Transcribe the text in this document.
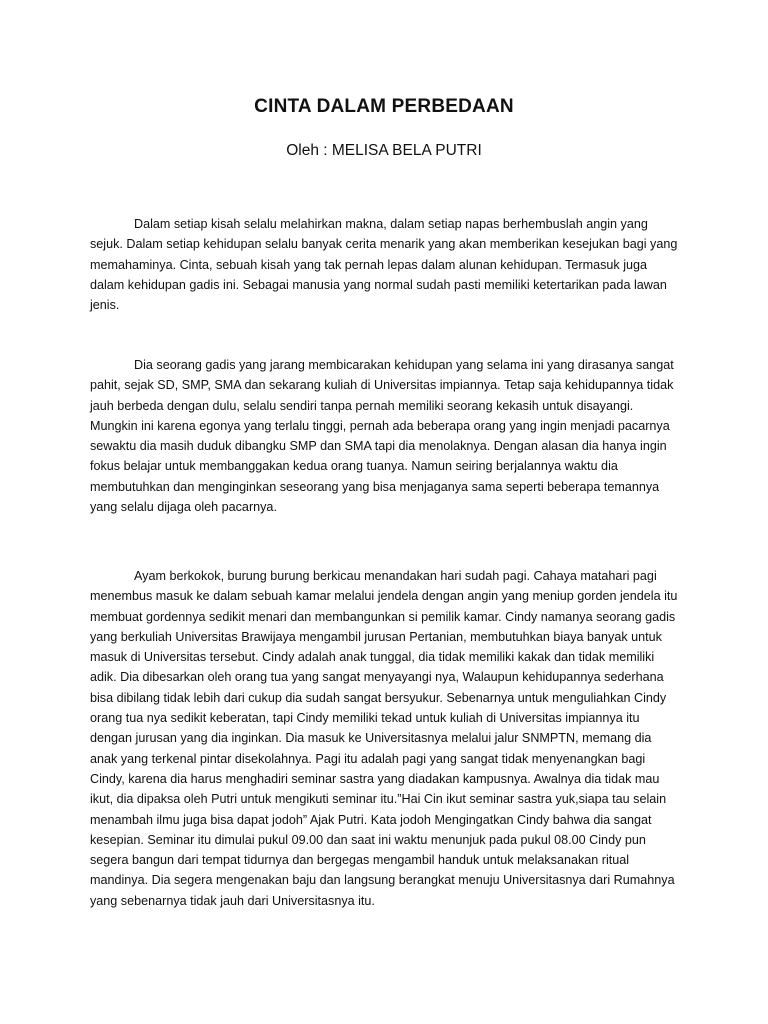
CINTA DALAM PERBEDAAN
Oleh : MELISA BELA PUTRI

Dalam setiap kisah selalu melahirkan makna, dalam setiap napas berhembuslah angin yang sejuk. Dalam setiap kehidupan selalu banyak cerita menarik yang akan memberikan kesejukan bagi yang memahaminya. Cinta, sebuah kisah yang tak pernah lepas dalam alunan kehidupan. Termasuk juga dalam kehidupan gadis ini. Sebagai manusia yang normal sudah pasti memiliki ketertarikan pada lawan jenis.

Dia seorang gadis yang jarang membicarakan kehidupan yang selama ini yang dirasanya sangat pahit, sejak SD, SMP, SMA dan sekarang kuliah di Universitas impiannya. Tetap saja kehidupannya tidak jauh berbeda dengan dulu, selalu sendiri tanpa pernah memiliki seorang kekasih untuk disayangi. Mungkin ini karena egonya yang terlalu tinggi, pernah ada beberapa orang yang ingin menjadi pacarnya sewaktu dia masih duduk dibangku SMP dan SMA tapi dia menolaknya. Dengan alasan dia hanya ingin fokus belajar untuk membanggakan kedua orang tuanya. Namun seiring berjalannya waktu dia membutuhkan dan menginginkan seseorang yang bisa menjaganya sama seperti beberapa temannya yang selalu dijaga oleh pacarnya.

Ayam berkokok, burung burung berkicau menandakan hari sudah pagi. Cahaya matahari pagi menembus masuk ke dalam sebuah kamar melalui jendela dengan angin yang meniup gorden jendela itu membuat gordennya sedikit menari dan membangunkan si pemilik kamar. Cindy namanya seorang gadis yang berkuliah Universitas Brawijaya mengambil jurusan Pertanian, membutuhkan biaya banyak untuk masuk di Universitas tersebut. Cindy adalah anak tunggal, dia tidak memiliki kakak dan tidak memiliki adik. Dia dibesarkan oleh orang tua yang sangat menyayangi nya, Walaupun kehidupannya sederhana bisa dibilang tidak lebih dari cukup dia sudah sangat bersyukur. Sebenarnya untuk menguliahkan Cindy orang tua nya sedikit keberatan, tapi Cindy memiliki tekad untuk kuliah di Universitas impiannya itu dengan jurusan yang dia inginkan. Dia masuk ke Universitasnya melalui jalur SNMPTN, memang dia anak yang terkenal pintar disekolahnya. Pagi itu adalah pagi yang sangat tidak menyenangkan bagi Cindy, karena dia harus menghadiri seminar sastra yang diadakan kampusnya. Awalnya dia tidak mau ikut, dia dipaksa oleh Putri untuk mengikuti seminar itu.”Hai Cin ikut seminar sastra yuk,siapa tau selain menambah ilmu juga bisa dapat jodoh” Ajak Putri. Kata jodoh Mengingatkan Cindy bahwa dia sangat kesepian. Seminar itu dimulai pukul 09.00 dan saat ini waktu menunjuk pada pukul 08.00 Cindy pun segera bangun dari tempat tidurnya dan bergegas mengambil handuk untuk melaksanakan ritual mandinya. Dia segera mengenakan baju dan langsung berangkat menuju Universitasnya dari Rumahnya yang sebenarnya tidak jauh dari Universitasnya itu.
